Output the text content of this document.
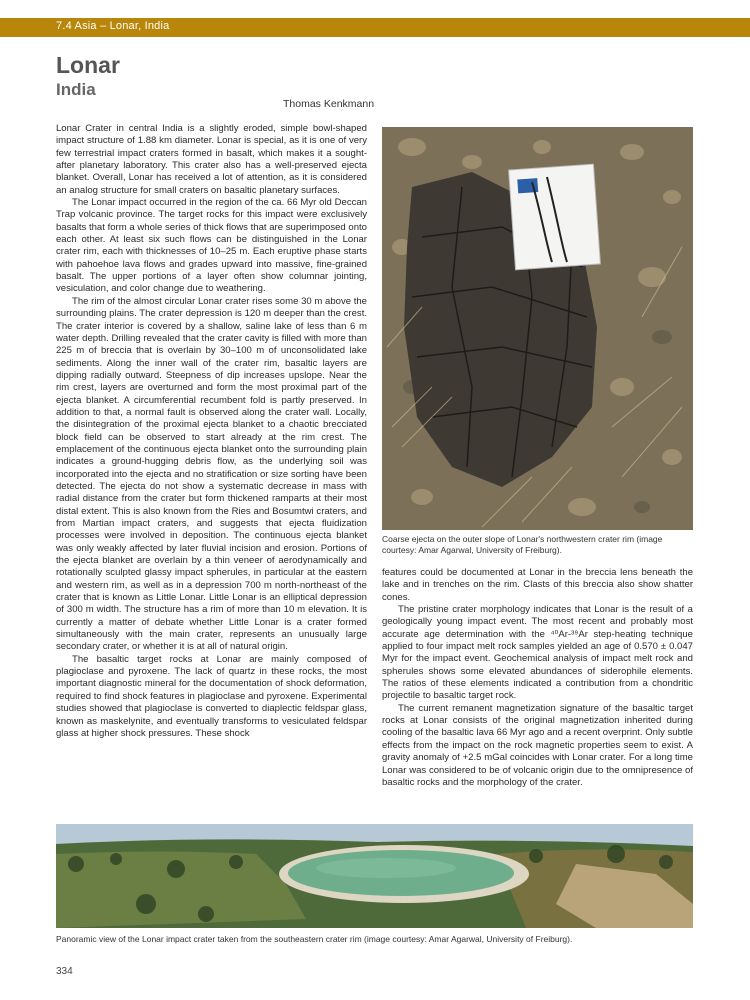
7.4 Asia – Lonar, India
Lonar
India
Thomas Kenkmann

Lonar Crater in central India is a slightly eroded, simple bowl-shaped impact structure of 1.88 km diameter. Lonar is special, as it is one of very few terrestrial impact craters formed in basalt, which makes it a sought-after planetary laboratory. This crater also has a well-preserved ejecta blanket. Overall, Lonar has received a lot of attention, as it is considered an analog structure for small craters on basaltic planetary surfaces.

The Lonar impact occurred in the region of the ca. 66 Myr old Deccan Trap volcanic province. The target rocks for this impact were exclusively basalts that form a whole series of thick flows that are superimposed onto each other. At least six such flows can be distinguished in the Lonar crater rim, each with thicknesses of 10–25 m. Each eruptive phase starts with pahoehoe lava flows and grades upward into massive, fine-grained basalt. The upper portions of a layer often show columnar jointing, vesiculation, and color change due to weathering.

The rim of the almost circular Lonar crater rises some 30 m above the surrounding plains. The crater depression is 120 m deeper than the crest. The crater interior is covered by a shallow, saline lake of less than 6 m water depth. Drilling revealed that the crater cavity is filled with more than 225 m of breccia that is overlain by 30–100 m of unconsolidated lake sediments. Along the inner wall of the crater rim, basaltic layers are dipping radially outward. Steepness of dip increases upslope. Near the rim crest, layers are overturned and form the most proximal part of the ejecta blanket. A circumferential recumbent fold is partly preserved. In addition to that, a normal fault is observed along the crater wall. Locally, the disintegration of the proximal ejecta blanket to a chaotic brecciated block field can be observed to start already at the rim crest. The emplacement of the continuous ejecta blanket onto the surrounding plain indicates a ground-hugging debris flow, as the underlying soil was incorporated into the ejecta and no stratification or size sorting have been detected. The ejecta do not show a systematic decrease in mass with radial distance from the crater but form thickened ramparts at their most distal extent. This is also known from the Ries and Bosumtwi craters, and from Martian impact craters, and suggests that ejecta fluidization processes were involved in deposition. The continuous ejecta blanket was only weakly affected by later fluvial incision and erosion. Portions of the ejecta blanket are overlain by a thin veneer of aerodynamically and rotationally sculpted glassy impact spherules, in particular at the eastern and western rim, as well as in a depression 700 m north-northeast of the crater that is known as Little Lonar. Little Lonar is an elliptical depression of 300 m width. The structure has a rim of more than 10 m elevation. It is currently a matter of debate whether Little Lonar is a crater formed simultaneously with the main crater, represents an unusually large secondary crater, or whether it is at all of natural origin.

The basaltic target rocks at Lonar are mainly composed of plagioclase and pyroxene. The lack of quartz in these rocks, the most important diagnostic mineral for the documentation of shock deformation, required to find shock features in plagioclase and pyroxene. Experimental studies showed that plagioclase is converted to diaplectic feldspar glass, known as maskelynite, and eventually transforms to vesiculated feldspar glass at higher shock pressures. These shock

Coarse ejecta on the outer slope of Lonar's northwestern crater rim (image courtesy: Amar Agarwal, University of Freiburg).

features could be documented at Lonar in the breccia lens beneath the lake and in trenches on the rim. Clasts of this breccia also show shatter cones.

The pristine crater morphology indicates that Lonar is the result of a geologically young impact event. The most recent and probably most accurate age determination with the ⁴⁰Ar-³⁹Ar step-heating technique applied to four impact melt rock samples yielded an age of 0.570 ± 0.047 Myr for the impact event. Geochemical analysis of impact melt rock and spherules shows some elevated abundances of siderophile elements. The ratios of these elements indicated a contribution from a chondritic projectile to basaltic target rock.

The current remanent magnetization signature of the basaltic target rocks at Lonar consists of the original magnetization inherited during cooling of the basaltic lava 66 Myr ago and a recent overprint. Only subtle effects from the impact on the rock magnetic properties seem to exist. A gravity anomaly of +2.5 mGal coincides with Lonar crater. For a long time Lonar was considered to be of volcanic origin due to the omnipresence of basaltic rocks and the morphology of the crater.

Panoramic view of the Lonar impact crater taken from the southeastern crater rim (image courtesy: Amar Agarwal, University of Freiburg).
334
